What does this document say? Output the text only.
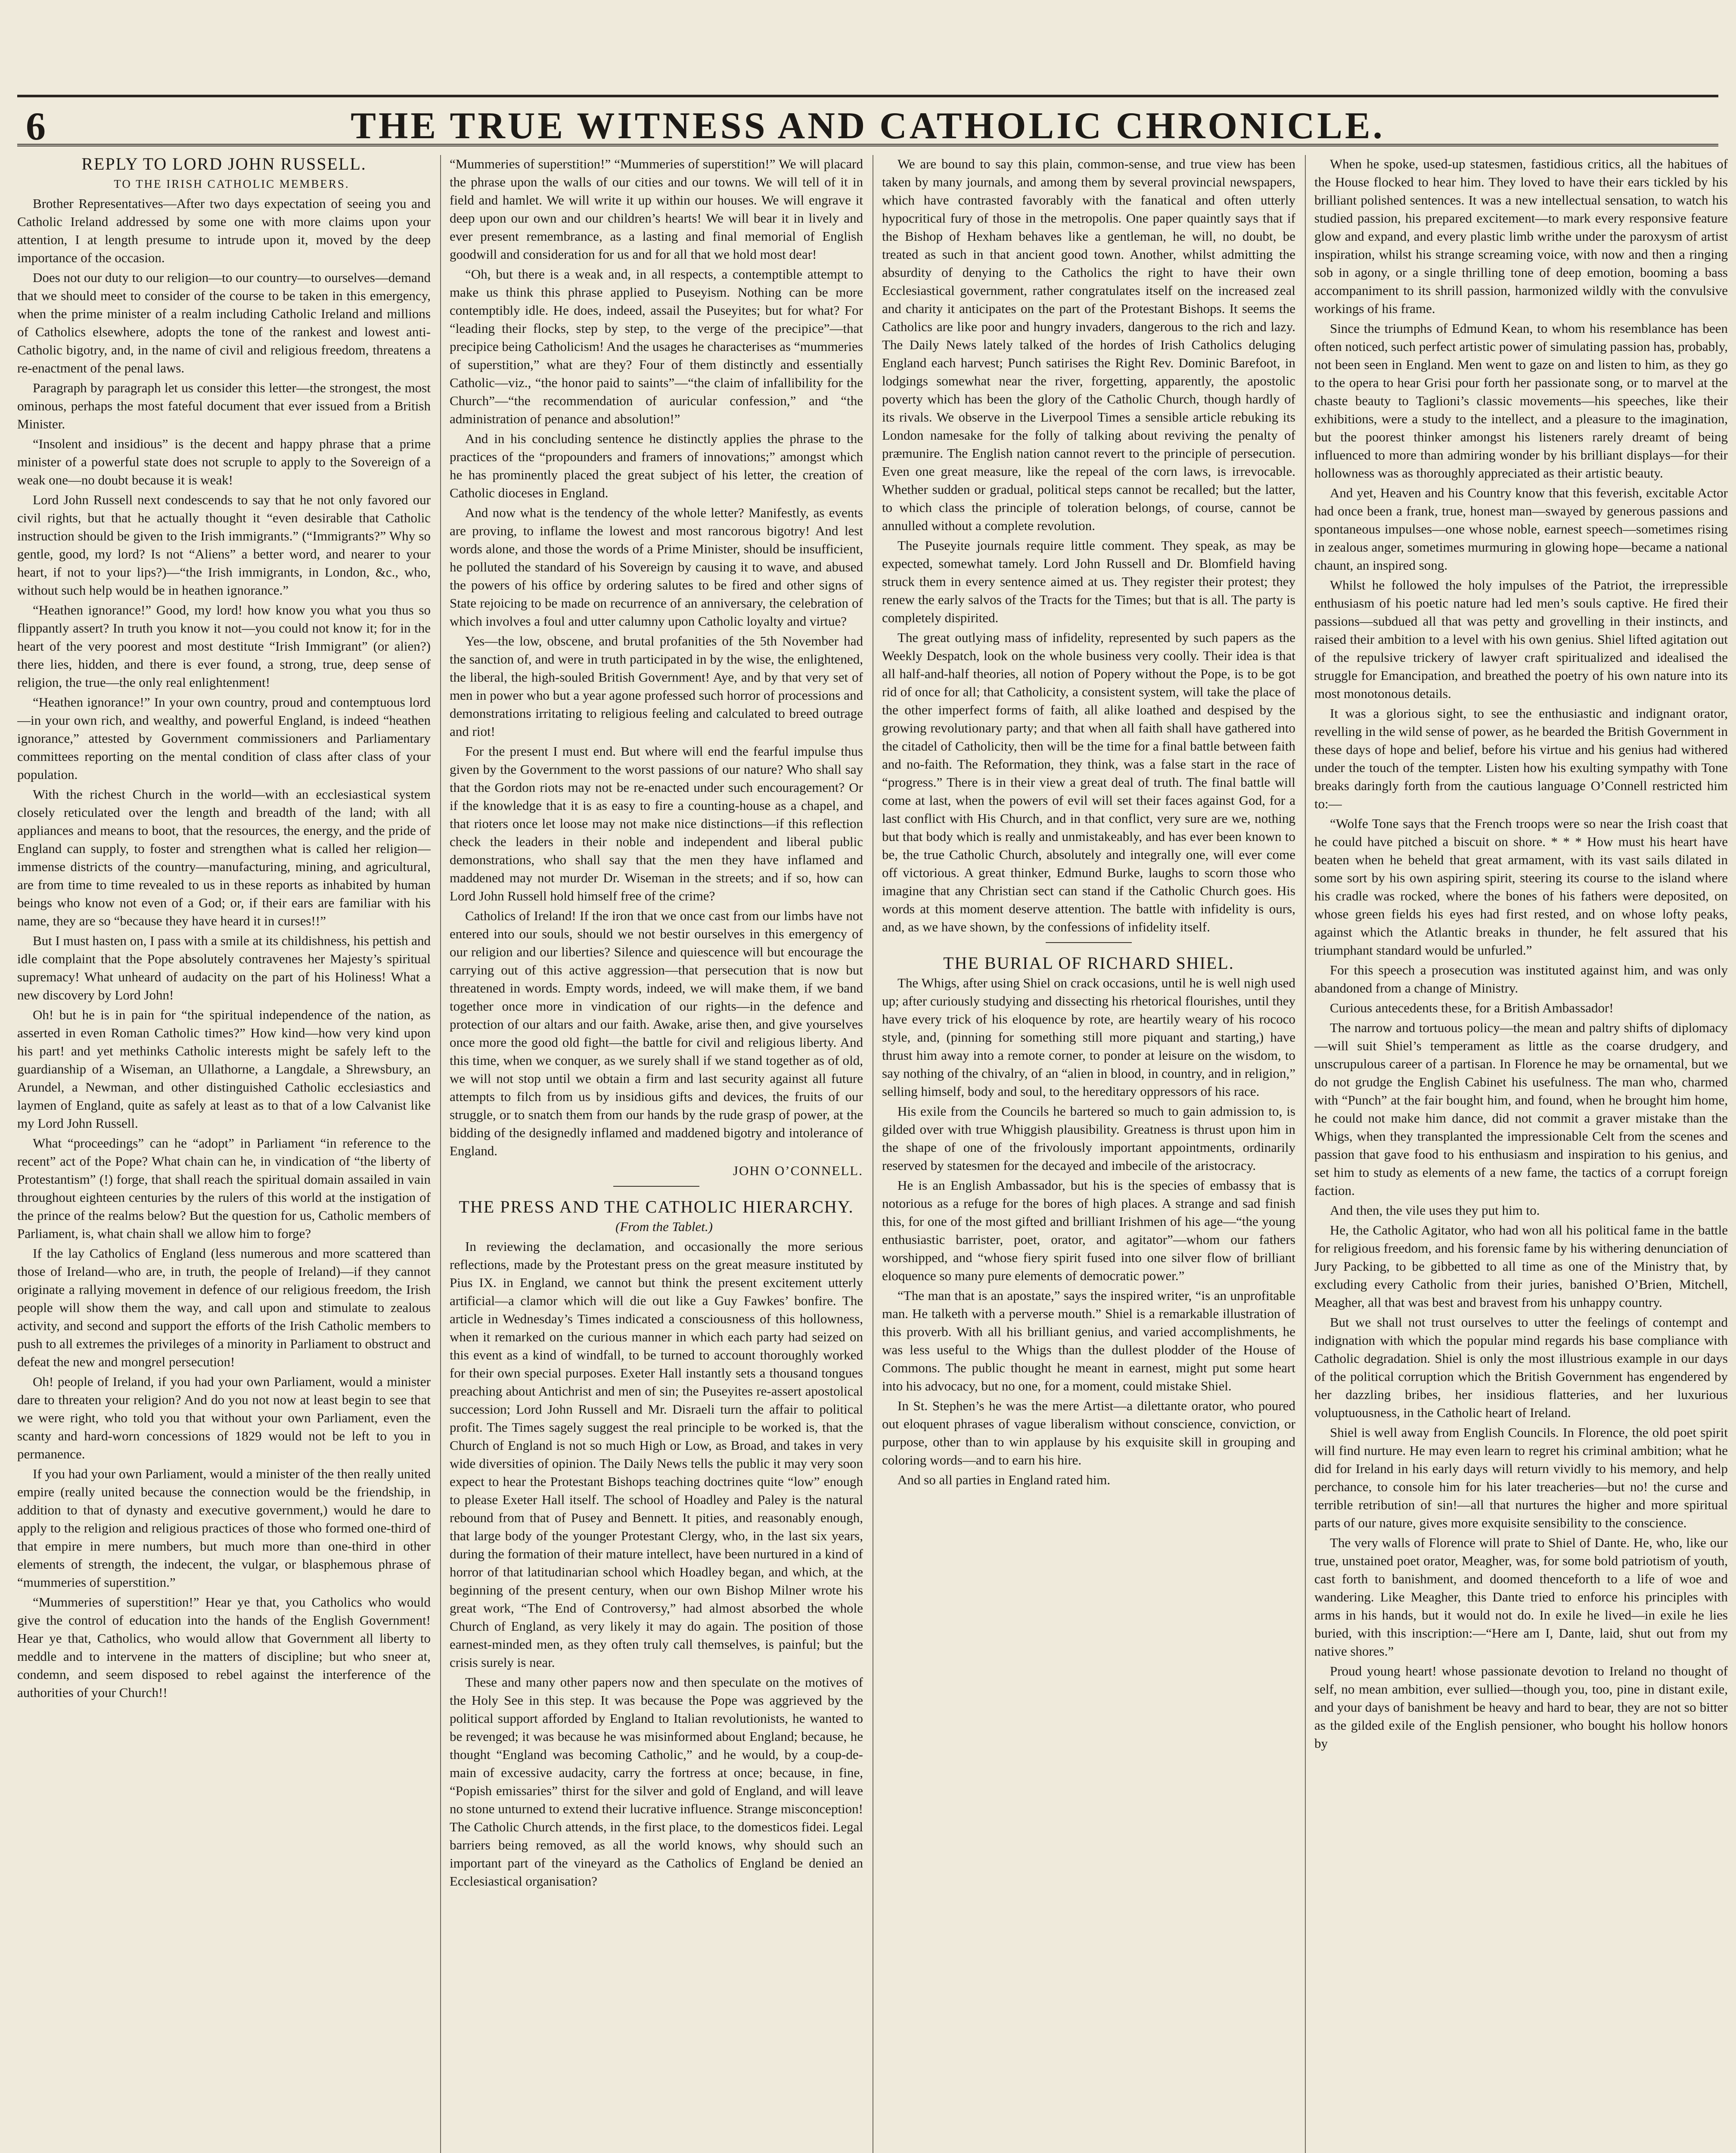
6	THE TRUE WITNESS AND CATHOLIC CHRONICLE.

REPLY TO LORD JOHN RUSSELL.

TO THE IRISH CATHOLIC MEMBERS.

Brother Representatives—After two days expectation of seeing you and Catholic Ireland addressed by some one with more claims upon your attention, I at length presume to intrude upon it, moved by the deep importance of the occasion.

Does not our duty to our religion—to our country—to ourselves—demand that we should meet to consider of the course to be taken in this emergency, when the prime minister of a realm including Catholic Ireland and millions of Catholics elsewhere, adopts the tone of the rankest and lowest anti-Catholic bigotry, and, in the name of civil and religious freedom, threatens a re-enactment of the penal laws.

Paragraph by paragraph let us consider this letter—the strongest, the most ominous, perhaps the most fateful document that ever issued from a British Minister.

“Insolent and insidious” is the decent and happy phrase that a prime minister of a powerful state does not scruple to apply to the Sovereign of a weak one—no doubt because it is weak!

Lord John Russell next condescends to say that he not only favored our civil rights, but that he actually thought it “even desirable that Catholic instruction should be given to the Irish immigrants.” (“Immigrants?” Why so gentle, good, my lord? Is not “Aliens” a better word, and nearer to your heart, if not to your lips?)—“the Irish immigrants, in London, &c., who, without such help would be in heathen ignorance.”

“Heathen ignorance!” Good, my lord! how know you what you thus so flippantly assert? In truth you know it not—you could not know it; for in the heart of the very poorest and most destitute “Irish Immigrant” (or alien?) there lies, hidden, and there is ever found, a strong, true, deep sense of religion, the true—the only real enlightenment!

“Heathen ignorance!” In your own country, proud and contemptuous lord—in your own rich, and wealthy, and powerful England, is indeed “heathen ignorance,” attested by Government commissioners and Parliamentary committees reporting on the mental condition of class after class of your population.

With the richest Church in the world—with an ecclesiastical system closely reticulated over the length and breadth of the land; with all appliances and means to boot, that the resources, the energy, and the pride of England can supply, to foster and strengthen what is called her religion—immense districts of the country—manufacturing, mining, and agricultural, are from time to time revealed to us in these reports as inhabited by human beings who know not even of a God; or, if their ears are familiar with his name, they are so “because they have heard it in curses!!”

But I must hasten on, I pass with a smile at its childishness, his pettish and idle complaint that the Pope absolutely contravenes her Majesty’s spiritual supremacy! What unheard of audacity on the part of his Holiness! What a new discovery by Lord John!

Oh! but he is in pain for “the spiritual independence of the nation, as asserted in even Roman Catholic times?” How kind—how very kind upon his part! and yet methinks Catholic interests might be safely left to the guardianship of a Wiseman, an Ullathorne, a Langdale, a Shrewsbury, an Arundel, a Newman, and other distinguished Catholic ecclesiastics and laymen of England, quite as safely at least as to that of a low Calvanist like my Lord John Russell.

What “proceedings” can he “adopt” in Parliament “in reference to the recent” act of the Pope? What chain can he, in vindication of “the liberty of Protestantism” (!) forge, that shall reach the spiritual domain assailed in vain throughout eighteen centuries by the rulers of this world at the instigation of the prince of the realms below? But the question for us, Catholic members of Parliament, is, what chain shall we allow him to forge?

If the lay Catholics of England (less numerous and more scattered than those of Ireland—who are, in truth, the people of Ireland)—if they cannot originate a rallying movement in defence of our religious freedom, the Irish people will show them the way, and call upon and stimulate to zealous activity, and second and support the efforts of the Irish Catholic members to push to all extremes the privileges of a minority in Parliament to obstruct and defeat the new and mongrel persecution!

Oh! people of Ireland, if you had your own Parliament, would a minister dare to threaten your religion? And do you not now at least begin to see that we were right, who told you that without your own Parliament, even the scanty and hard-worn concessions of 1829 would not be left to you in permanence.

If you had your own Parliament, would a minister of the then really united empire (really united because the connection would be the friendship, in addition to that of dynasty and executive government,) would he dare to apply to the religion and religious practices of those who formed one-third of that empire in mere numbers, but much more than one-third in other elements of strength, the indecent, the vulgar, or blasphemous phrase of “mummeries of superstition.”

“Mummeries of superstition!” Hear ye that, you Catholics who would give the control of education into the hands of the English Government! Hear ye that, Catholics, who would allow that Government all liberty to meddle and to intervene in the matters of discipline; but who sneer at, condemn, and seem disposed to rebel against the interference of the authorities of your Church!!

“Mummeries of superstition!” “Mummeries of superstition!” We will placard the phrase upon the walls of our cities and our towns. We will tell of it in field and hamlet. We will write it up within our houses. We will engrave it deep upon our own and our children’s hearts! We will bear it in lively and ever present remembrance, as a lasting and final memorial of English goodwill and consideration for us and for all that we hold most dear!

“Oh, but there is a weak and, in all respects, a contemptible attempt to make us think this phrase applied to Puseyism. Nothing can be more contemptibly idle. He does, indeed, assail the Puseyites; but for what? For “leading their flocks, step by step, to the verge of the precipice”—that precipice being Catholicism! And the usages he characterises as “mummeries of superstition,” what are they? Four of them distinctly and essentially Catholic—viz., “the honor paid to saints”—“the claim of infallibility for the Church”—“the recommendation of auricular confession,” and “the administration of penance and absolution!”

And in his concluding sentence he distinctly applies the phrase to the practices of the “propounders and framers of innovations;” amongst which he has prominently placed the great subject of his letter, the creation of Catholic dioceses in England.

And now what is the tendency of the whole letter? Manifestly, as events are proving, to inflame the lowest and most rancorous bigotry! And lest words alone, and those the words of a Prime Minister, should be insufficient, he polluted the standard of his Sovereign by causing it to wave, and abused the powers of his office by ordering salutes to be fired and other signs of State rejoicing to be made on recurrence of an anniversary, the celebration of which involves a foul and utter calumny upon Catholic loyalty and virtue?

Yes—the low, obscene, and brutal profanities of the 5th November had the sanction of, and were in truth participated in by the wise, the enlightened, the liberal, the high-souled British Government! Aye, and by that very set of men in power who but a year agone professed such horror of processions and demonstrations irritating to religious feeling and calculated to breed outrage and riot!

For the present I must end. But where will end the fearful impulse thus given by the Government to the worst passions of our nature? Who shall say that the Gordon riots may not be re-enacted under such encouragement? Or if the knowledge that it is as easy to fire a counting-house as a chapel, and that rioters once let loose may not make nice distinctions—if this reflection check the leaders in their noble and independent and liberal public demonstrations, who shall say that the men they have inflamed and maddened may not murder Dr. Wiseman in the streets; and if so, how can Lord John Russell hold himself free of the crime?

Catholics of Ireland! If the iron that we once cast from our limbs have not entered into our souls, should we not bestir ourselves in this emergency of our religion and our liberties? Silence and quiescence will but encourage the carrying out of this active aggression—that persecution that is now but threatened in words. Empty words, indeed, we will make them, if we band together once more in vindication of our rights—in the defence and protection of our altars and our faith. Awake, arise then, and give yourselves once more the good old fight—the battle for civil and religious liberty. And this time, when we conquer, as we surely shall if we stand together as of old, we will not stop until we obtain a firm and last security against all future attempts to filch from us by insidious gifts and devices, the fruits of our struggle, or to snatch them from our hands by the rude grasp of power, at the bidding of the designedly inflamed and maddened bigotry and intolerance of England.

JOHN O’CONNELL.

THE PRESS AND THE CATHOLIC HIERARCHY.

(From the Tablet.)

In reviewing the declamation, and occasionally the more serious reflections, made by the Protestant press on the great measure instituted by Pius IX. in England, we cannot but think the present excitement utterly artificial—a clamor which will die out like a Guy Fawkes’ bonfire. The article in Wednesday’s Times indicated a consciousness of this hollowness, when it remarked on the curious manner in which each party had seized on this event as a kind of windfall, to be turned to account thoroughly worked for their own special purposes. Exeter Hall instantly sets a thousand tongues preaching about Antichrist and men of sin; the Puseyites re-assert apostolical succession; Lord John Russell and Mr. Disraeli turn the affair to political profit. The Times sagely suggest the real principle to be worked is, that the Church of England is not so much High or Low, as Broad, and takes in very wide diversities of opinion. The Daily News tells the public it may very soon expect to hear the Protestant Bishops teaching doctrines quite “low” enough to please Exeter Hall itself. The school of Hoadley and Paley is the natural rebound from that of Pusey and Bennett. It pities, and reasonably enough, that large body of the younger Protestant Clergy, who, in the last six years, during the formation of their mature intellect, have been nurtured in a kind of horror of that latitudinarian school which Hoadley began, and which, at the beginning of the present century, when our own Bishop Milner wrote his great work, “The End of Controversy,” had almost absorbed the whole Church of England, as very likely it may do again. The position of those earnest-minded men, as they often truly call themselves, is painful; but the crisis surely is near.

These and many other papers now and then speculate on the motives of the Holy See in this step. It was because the Pope was aggrieved by the political support afforded by England to Italian revolutionists, he wanted to be revenged; it was because he was misinformed about England; because, he thought “England was becoming Catholic,” and he would, by a coup-de-main of excessive audacity, carry the fortress at once; because, in fine, “Popish emissaries” thirst for the silver and gold of England, and will leave no stone unturned to extend their lucrative influence. Strange misconception! The Catholic Church attends, in the first place, to the domesticos fidei. Legal barriers being removed, as all the world knows, why should such an important part of the vineyard as the Catholics of England be denied an Ecclesiastical organisation?

We are bound to say this plain, common-sense, and true view has been taken by many journals, and among them by several provincial newspapers, which have contrasted favorably with the fanatical and often utterly hypocritical fury of those in the metropolis. One paper quaintly says that if the Bishop of Hexham behaves like a gentleman, he will, no doubt, be treated as such in that ancient good town. Another, whilst admitting the absurdity of denying to the Catholics the right to have their own Ecclesiastical government, rather congratulates itself on the increased zeal and charity it anticipates on the part of the Protestant Bishops. It seems the Catholics are like poor and hungry invaders, dangerous to the rich and lazy. The Daily News lately talked of the hordes of Irish Catholics deluging England each harvest; Punch satirises the Right Rev. Dominic Barefoot, in lodgings somewhat near the river, forgetting, apparently, the apostolic poverty which has been the glory of the Catholic Church, though hardly of its rivals. We observe in the Liverpool Times a sensible article rebuking its London namesake for the folly of talking about reviving the penalty of præmunire. The English nation cannot revert to the principle of persecution. Even one great measure, like the repeal of the corn laws, is irrevocable. Whether sudden or gradual, political steps cannot be recalled; but the latter, to which class the principle of toleration belongs, of course, cannot be annulled without a complete revolution.

The Puseyite journals require little comment. They speak, as may be expected, somewhat tamely. Lord John Russell and Dr. Blomfield having struck them in every sentence aimed at us. They register their protest; they renew the early salvos of the Tracts for the Times; but that is all. The party is completely dispirited.

The great outlying mass of infidelity, represented by such papers as the Weekly Despatch, look on the whole business very coolly. Their idea is that all half-and-half theories, all notion of Popery without the Pope, is to be got rid of once for all; that Catholicity, a consistent system, will take the place of the other imperfect forms of faith, all alike loathed and despised by the growing revolutionary party; and that when all faith shall have gathered into the citadel of Catholicity, then will be the time for a final battle between faith and no-faith. The Reformation, they think, was a false start in the race of “progress.” There is in their view a great deal of truth. The final battle will come at last, when the powers of evil will set their faces against God, for a last conflict with His Church, and in that conflict, very sure are we, nothing but that body which is really and unmistakeably, and has ever been known to be, the true Catholic Church, absolutely and integrally one, will ever come off victorious. A great thinker, Edmund Burke, laughs to scorn those who imagine that any Christian sect can stand if the Catholic Church goes. His words at this moment deserve attention. The battle with infidelity is ours, and, as we have shown, by the confessions of infidelity itself.

THE BURIAL OF RICHARD SHIEL.

The Whigs, after using Shiel on crack occasions, until he is well nigh used up; after curiously studying and dissecting his rhetorical flourishes, until they have every trick of his eloquence by rote, are heartily weary of his rococo style, and, (pinning for something still more piquant and starting,) have thrust him away into a remote corner, to ponder at leisure on the wisdom, to say nothing of the chivalry, of an “alien in blood, in country, and in religion,” selling himself, body and soul, to the hereditary oppressors of his race.

His exile from the Councils he bartered so much to gain admission to, is gilded over with true Whiggish plausibility. Greatness is thrust upon him in the shape of one of the frivolously important appointments, ordinarily reserved by statesmen for the decayed and imbecile of the aristocracy.

He is an English Ambassador, but his is the species of embassy that is notorious as a refuge for the bores of high places. A strange and sad finish this, for one of the most gifted and brilliant Irishmen of his age—“the young enthusiastic barrister, poet, orator, and agitator”—whom our fathers worshipped, and “whose fiery spirit fused into one silver flow of brilliant eloquence so many pure elements of democratic power.”

“The man that is an apostate,” says the inspired writer, “is an unprofitable man. He talketh with a perverse mouth.” Shiel is a remarkable illustration of this proverb. With all his brilliant genius, and varied accomplishments, he was less useful to the Whigs than the dullest plodder of the House of Commons. The public thought he meant in earnest, might put some heart into his advocacy, but no one, for a moment, could mistake Shiel.

In St. Stephen’s he was the mere Artist—a dilettante orator, who poured out eloquent phrases of vague liberalism without conscience, conviction, or purpose, other than to win applause by his exquisite skill in grouping and coloring words—and to earn his hire.

And so all parties in England rated him.

When he spoke, used-up statesmen, fastidious critics, all the habitues of the House flocked to hear him. They loved to have their ears tickled by his brilliant polished sentences. It was a new intellectual sensation, to watch his studied passion, his prepared excitement—to mark every responsive feature glow and expand, and every plastic limb writhe under the paroxysm of artist inspiration, whilst his strange screaming voice, with now and then a ringing sob in agony, or a single thrilling tone of deep emotion, booming a bass accompaniment to its shrill passion, harmonized wildly with the convulsive workings of his frame.

Since the triumphs of Edmund Kean, to whom his resemblance has been often noticed, such perfect artistic power of simulating passion has, probably, not been seen in England. Men went to gaze on and listen to him, as they go to the opera to hear Grisi pour forth her passionate song, or to marvel at the chaste beauty to Taglioni’s classic movements—his speeches, like their exhibitions, were a study to the intellect, and a pleasure to the imagination, but the poorest thinker amongst his listeners rarely dreamt of being influenced to more than admiring wonder by his brilliant displays—for their hollowness was as thoroughly appreciated as their artistic beauty.

And yet, Heaven and his Country know that this feverish, excitable Actor had once been a frank, true, honest man—swayed by generous passions and spontaneous impulses—one whose noble, earnest speech—sometimes rising in zealous anger, sometimes murmuring in glowing hope—became a national chaunt, an inspired song.

Whilst he followed the holy impulses of the Patriot, the irrepressible enthusiasm of his poetic nature had led men’s souls captive. He fired their passions—subdued all that was petty and grovelling in their instincts, and raised their ambition to a level with his own genius. Shiel lifted agitation out of the repulsive trickery of lawyer craft spiritualized and idealised the struggle for Emancipation, and breathed the poetry of his own nature into its most monotonous details.

It was a glorious sight, to see the enthusiastic and indignant orator, revelling in the wild sense of power, as he bearded the British Government in these days of hope and belief, before his virtue and his genius had withered under the touch of the tempter. Listen how his exulting sympathy with Tone breaks daringly forth from the cautious language O’Connell restricted him to:—

“Wolfe Tone says that the French troops were so near the Irish coast that he could have pitched a biscuit on shore. * * * How must his heart have beaten when he beheld that great armament, with its vast sails dilated in some sort by his own aspiring spirit, steering its course to the island where his cradle was rocked, where the bones of his fathers were deposited, on whose green fields his eyes had first rested, and on whose lofty peaks, against which the Atlantic breaks in thunder, he felt assured that his triumphant standard would be unfurled.”

For this speech a prosecution was instituted against him, and was only abandoned from a change of Ministry.

Curious antecedents these, for a British Ambassador!

The narrow and tortuous policy—the mean and paltry shifts of diplomacy—will suit Shiel’s temperament as little as the coarse drudgery, and unscrupulous career of a partisan. In Florence he may be ornamental, but we do not grudge the English Cabinet his usefulness. The man who, charmed with “Punch” at the fair bought him, and found, when he brought him home, he could not make him dance, did not commit a graver mistake than the Whigs, when they transplanted the impressionable Celt from the scenes and passion that gave food to his enthusiasm and inspiration to his genius, and set him to study as elements of a new fame, the tactics of a corrupt foreign faction.

And then, the vile uses they put him to.

He, the Catholic Agitator, who had won all his political fame in the battle for religious freedom, and his forensic fame by his withering denunciation of Jury Packing, to be gibbetted to all time as one of the Ministry that, by excluding every Catholic from their juries, banished O’Brien, Mitchell, Meagher, all that was best and bravest from his unhappy country.

But we shall not trust ourselves to utter the feelings of contempt and indignation with which the popular mind regards his base compliance with Catholic degradation. Shiel is only the most illustrious example in our days of the political corruption which the British Government has engendered by her dazzling bribes, her insidious flatteries, and her luxurious voluptuousness, in the Catholic heart of Ireland.

Shiel is well away from English Councils. In Florence, the old poet spirit will find nurture. He may even learn to regret his criminal ambition; what he did for Ireland in his early days will return vividly to his memory, and help perchance, to console him for his later treacheries—but no! the curse and terrible retribution of sin!—all that nurtures the higher and more spiritual parts of our nature, gives more exquisite sensibility to the conscience.

The very walls of Florence will prate to Shiel of Dante. He, who, like our true, unstained poet orator, Meagher, was, for some bold patriotism of youth, cast forth to banishment, and doomed thenceforth to a life of woe and wandering. Like Meagher, this Dante tried to enforce his principles with arms in his hands, but it would not do. In exile he lived—in exile he lies buried, with this inscription:—“Here am I, Dante, laid, shut out from my native shores.”

Proud young heart! whose passionate devotion to Ireland no thought of self, no mean ambition, ever sullied—though you, too, pine in distant exile, and your days of banishment be heavy and hard to bear, they are not so bitter as the gilded exile of the English pensioner, who bought his hollow honors by
